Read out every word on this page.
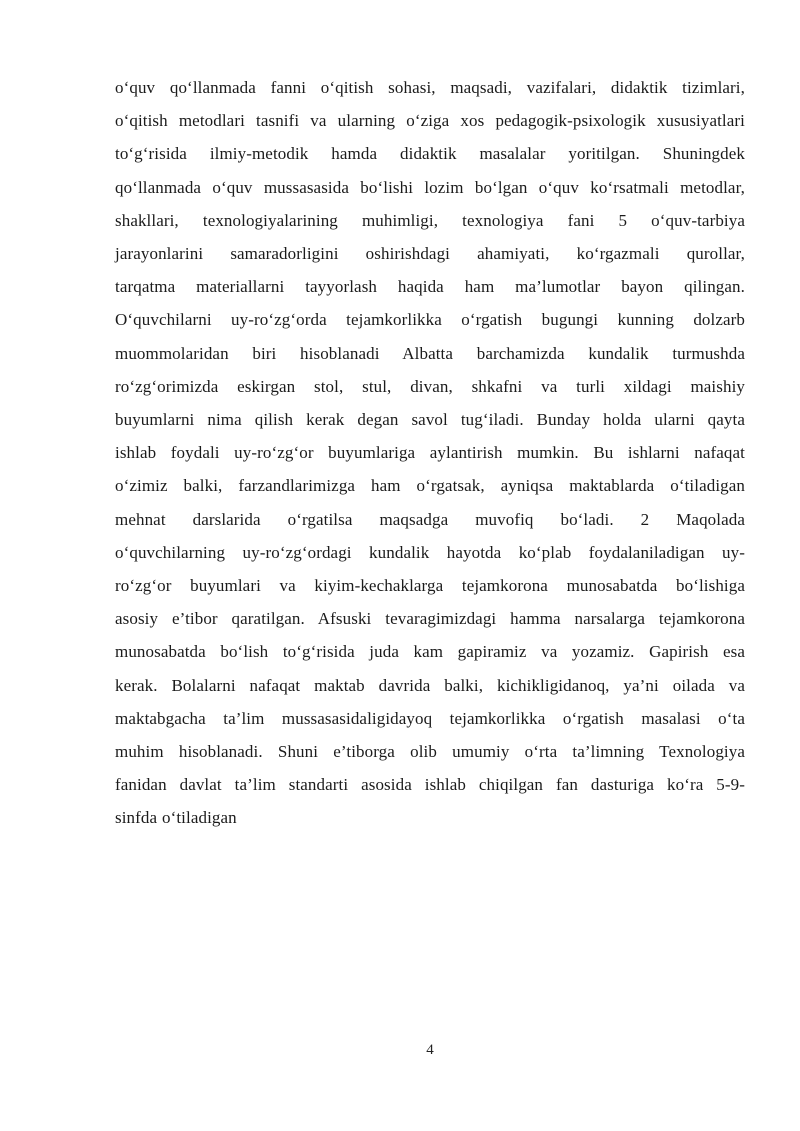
o‘quv qo‘llanmada fanni o‘qitish sohasi, maqsadi, vazifalari, didaktik tizimlari,
o‘qitish metodlari tasnifi va ularning o‘ziga xos pedagogik-psixologik xususiyatlari
to‘g‘risida ilmiy-metodik hamda didaktik masalalar yoritilgan. Shuningdek
qo‘llanmada o‘quv mussasasida bo‘lishi lozim bo‘lgan o‘quv ko‘rsatmali metodlar,
shakllari, texnologiyalarining muhimligi, texnologiya fani 5 o‘quv-tarbiya
jarayonlarini samaradorligini oshirishdagi ahamiyati, ko‘rgazmali qurollar,
tarqatma materiallarni tayyorlash haqida ham ma’lumotlar bayon qilingan.
O‘quvchilarni uy-ro‘zg‘orda tejamkorlikka o‘rgatish bugungi kunning dolzarb
muommolaridan biri hisoblanadi Albatta barchamizda kundalik turmushda
ro‘zg‘orimizda eskirgan stol, stul, divan, shkafni va turli xildagi maishiy
buyumlarni nima qilish kerak degan savol tug‘iladi. Bunday holda ularni qayta
ishlab foydali uy-ro‘zg‘or buyumlariga aylantirish mumkin. Bu ishlarni nafaqat
o‘zimiz balki, farzandlarimizga ham o‘rgatsak, ayniqsa maktablarda o‘tiladigan
mehnat darslarida o‘rgatilsa maqsadga muvofiq bo‘ladi. 2 Maqolada
o‘quvchilarning uy-ro‘zg‘ordagi kundalik hayotda ko‘plab foydalaniladigan uy-
ro‘zg‘or buyumlari va kiyim-kechaklarga tejamkorona munosabatda bo‘lishiga
asosiy e’tibor qaratilgan. Afsuski tevaragimizdagi hamma narsalarga tejamkorona
munosabatda bo‘lish to‘g‘risida juda kam gapiramiz va yozamiz. Gapirish esa
kerak. Bolalarni nafaqat maktab davrida balki, kichikligidanoq, ya’ni oilada va
maktabgacha ta’lim mussasasidaligidayoq tejamkorlikka o‘rgatish masalasi o‘ta
muhim hisoblanadi. Shuni e’tiborga olib umumiy o‘rta ta’limning Texnologiya
fanidan davlat ta’lim standarti asosida ishlab chiqilgan fan dasturiga ko‘ra 5-9-
sinfda o‘tiladigan
4
